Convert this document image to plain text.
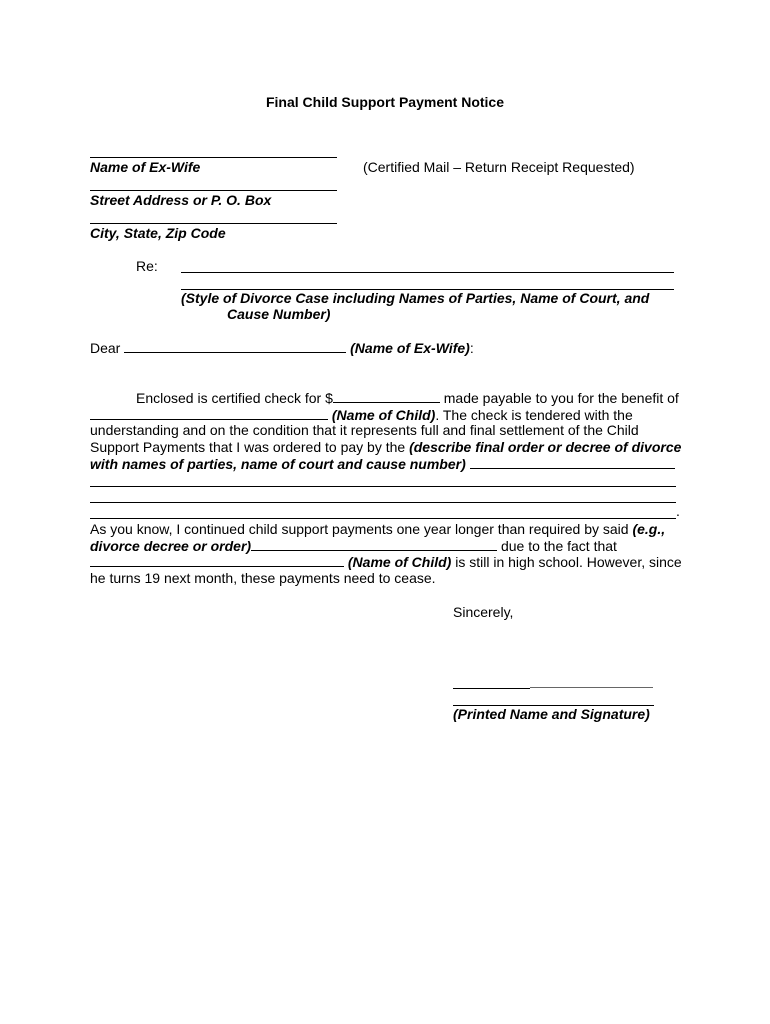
Final Child Support Payment Notice
Name of Ex-Wife	(Certified Mail – Return Receipt Requested)
Street Address or P. O. Box
City, State, Zip Code
Re:
(Style of Divorce Case including Names of Parties, Name of Court, and
Cause Number)
Dear	(Name of Ex-Wife):
Enclosed is certified check for $	made payable to you for the benefit of
(Name of Child). The check is tendered with the
understanding and on the condition that it represents full and final settlement of the Child
Support Payments that I was ordered to pay by the (describe final order or decree of divorce
with names of parties, name of court and cause number)
.
As you know, I continued child support payments one year longer than required by said (e.g.,
divorce decree or order)	due to the fact that
(Name of Child) is still in high school. However, since
he turns 19 next month, these payments need to cease.
Sincerely,
(Printed Name and Signature)
